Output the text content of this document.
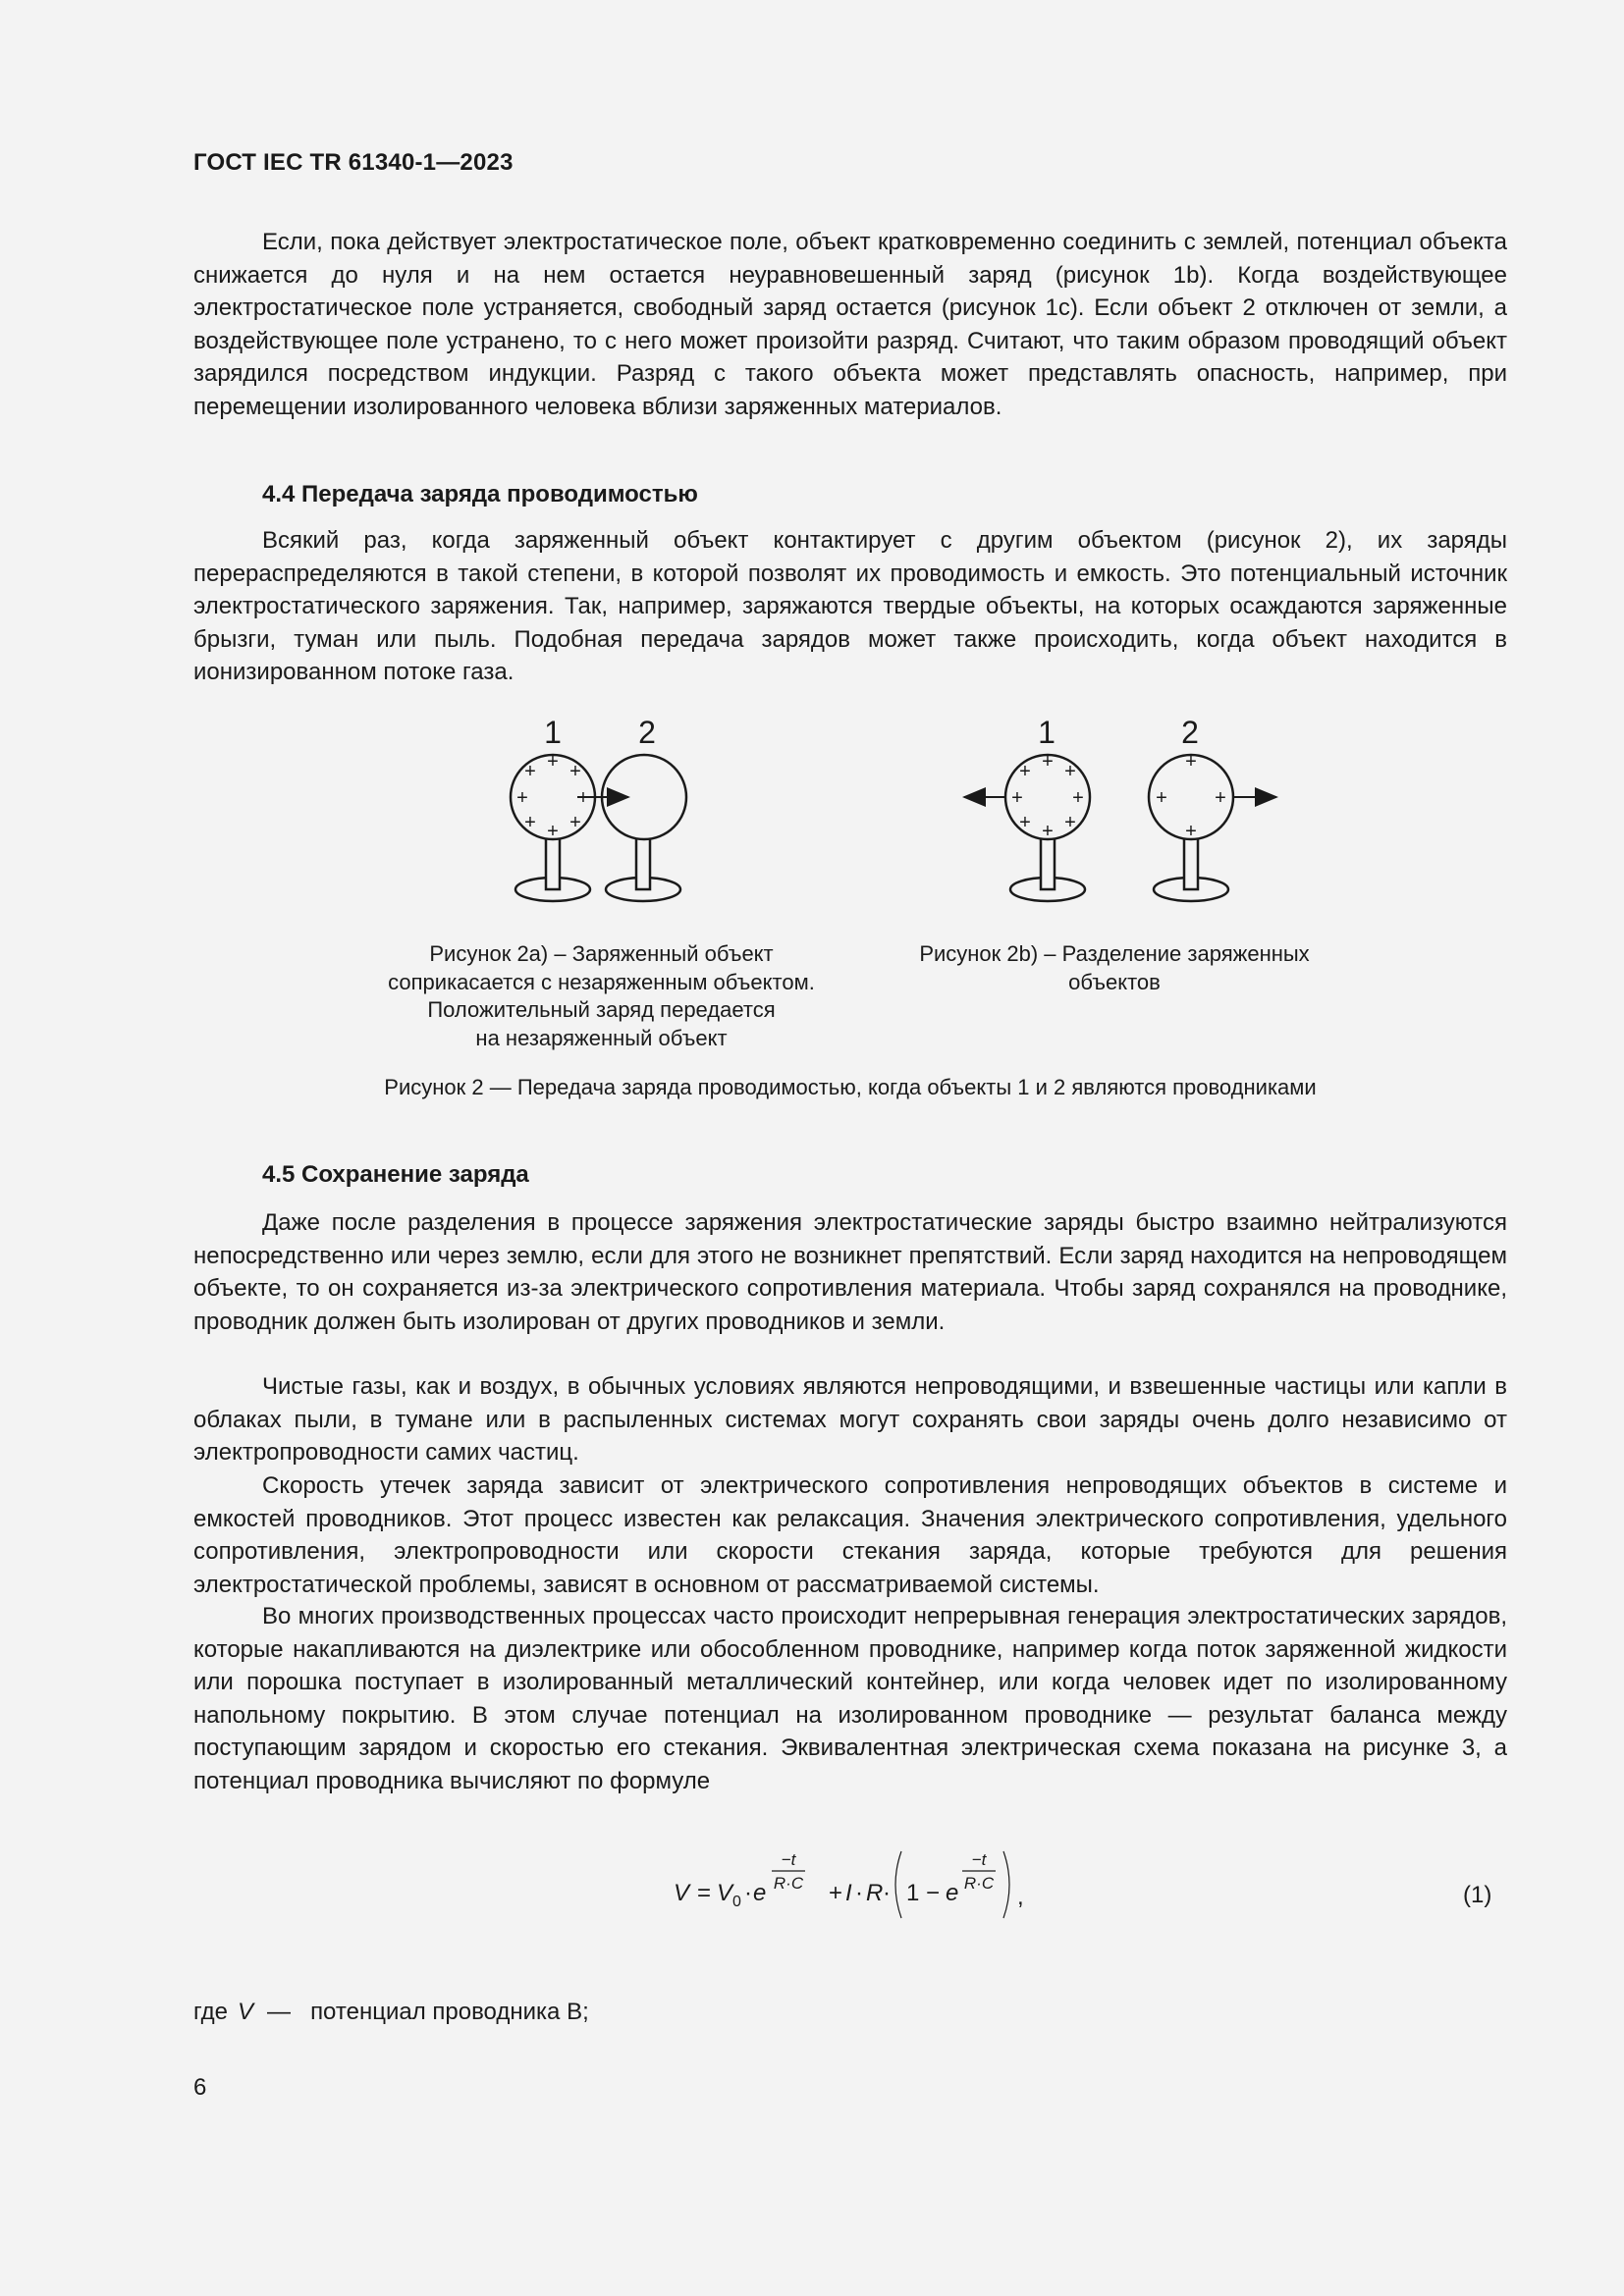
ГОСТ IEC TR 61340-1—2023

Если, пока действует электростатическое поле, объект кратковременно соединить с землей, потенциал объекта снижается до нуля и на нем остается неуравновешенный заряд (рисунок 1b). Когда воздействующее электростатическое поле устраняется, свободный заряд остается (рисунок 1c). Если объект 2 отключен от земли, а воздействующее поле устранено, то с него может произойти разряд. Считают, что таким образом проводящий объект зарядился посредством индукции. Разряд с такого объекта может представлять опасность, например, при перемещении изолированного человека вблизи заряженных материалов.

4.4 Передача заряда проводимостью

Всякий раз, когда заряженный объект контактирует с другим объектом (рисунок 2), их заряды перераспределяются в такой степени, в которой позволят их проводимость и емкость. Это потенциальный источник электростатического заряжения. Так, например, заряжаются твердые объекты, на которых осаждаются заряженные брызги, туман или пыль. Подобная передача зарядов может также происходить, когда объект находится в ионизированном потоке газа.

+
+ +
+	+
+ +
+
+
+ +
+	+
+ +
+
+
+ +
+
1 2	1	2
Рисунок 2а) – Заряженный объект
соприкасается с незаряженным объектом.
Положительный заряд передается
на незаряженный объект
Рисунок 2b) – Разделение заряженных
объектов
Рисунок 2 — Передача заряда проводимостью, когда объекты 1 и 2 являются проводниками
4.5 Сохранение заряда

Даже после разделения в процессе заряжения электростатические заряды быстро взаимно нейтрализуются непосредственно или через землю, если для этого не возникнет препятствий. Если заряд находится на непроводящем объекте, то он сохраняется из-за электрического сопротивления материала. Чтобы заряд сохранялся на проводнике, проводник должен быть изолирован от других проводников и земли.

Чистые газы, как и воздух, в обычных условиях являются непроводящими, и взвешенные частицы или капли в облаках пыли, в тумане или в распыленных системах могут сохранять свои заряды очень долго независимо от электропроводности самих частиц.

Скорость утечек заряда зависит от электрического сопротивления непроводящих объектов в системе и емкостей проводников. Этот процесс известен как релаксация. Значения электрического сопротивления, удельного сопротивления, электропроводности или скорости стекания заряда, которые требуются для решения электростатической проблемы, зависят в основном от рассматриваемой системы.

Во многих производственных процессах часто происходит непрерывная генерация электростатических зарядов, которые накапливаются на диэлектрике или обособленном проводнике, например когда поток заряженной жидкости или порошка поступает в изолированный металлический контейнер, или когда человек идет по изолированному напольному покрытию. В этом случае потенциал на изолированном проводнике — результат баланса между поступающим зарядом и скоростью его стекания. Эквивалентная электрическая схема показана на рисунке 3, а потенциал проводника вычисляют по формуле

V = V 0 · e
−t
R·C + I · R · 1 − e
−t
R·C
,	(1)
где V — потенциал проводника В;
6
